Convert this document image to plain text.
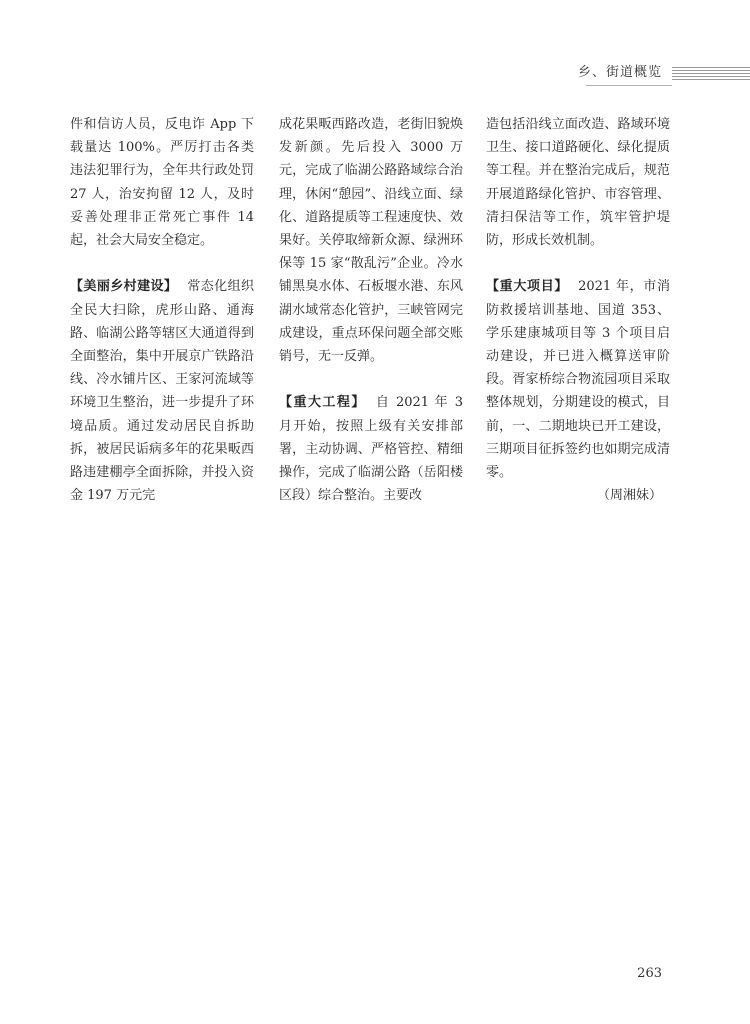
乡、街道概览

件和信访人员，反电诈 App 下载量达 100%。严厉打击各类违法犯罪行为，全年共行政处罚 27 人，治安拘留 12 人，及时妥善处理非正常死亡事件 14 起，社会大局安全稳定。

【美丽乡村建设】 常态化组织全民大扫除，虎形山路、通海路、临湖公路等辖区大通道得到全面整治，集中开展京广铁路沿线、冷水铺片区、王家河流域等环境卫生整治，进一步提升了环境品质。通过发动居民自拆助拆，被居民诟病多年的花果畈西路违建棚亭全面拆除，并投入资金 197 万元完

成花果畈西路改造，老街旧貌焕发新颜。先后投入 3000 万元，完成了临湖公路路域综合治理，休闲“憩园”、沿线立面、绿化、道路提质等工程速度快、效果好。关停取缔新众源、绿洲环保等 15 家“散乱污”企业。冷水铺黑臭水体、石板堰水港、东风湖水域常态化管护，三峡管网完成建设，重点环保问题全部交账销号，无一反弹。

【重大工程】 自 2021 年 3 月开始，按照上级有关安排部署，主动协调、严格管控、精细操作，完成了临湖公路（岳阳楼区段）综合整治。主要改

造包括沿线立面改造、路域环境卫生、接口道路硬化、绿化提质等工程。并在整治完成后，规范开展道路绿化管护、市容管理、清扫保洁等工作，筑牢管护堤防，形成长效机制。

【重大项目】 2021 年，市消防救援培训基地、国道 353、学乐建康城项目等 3 个项目启动建设，并已进入概算送审阶段。胥家桥综合物流园项目采取整体规划，分期建设的模式，目前，一、二期地块已开工建设，三期项目征拆签约也如期完成清零。

（周湘妹）

263
